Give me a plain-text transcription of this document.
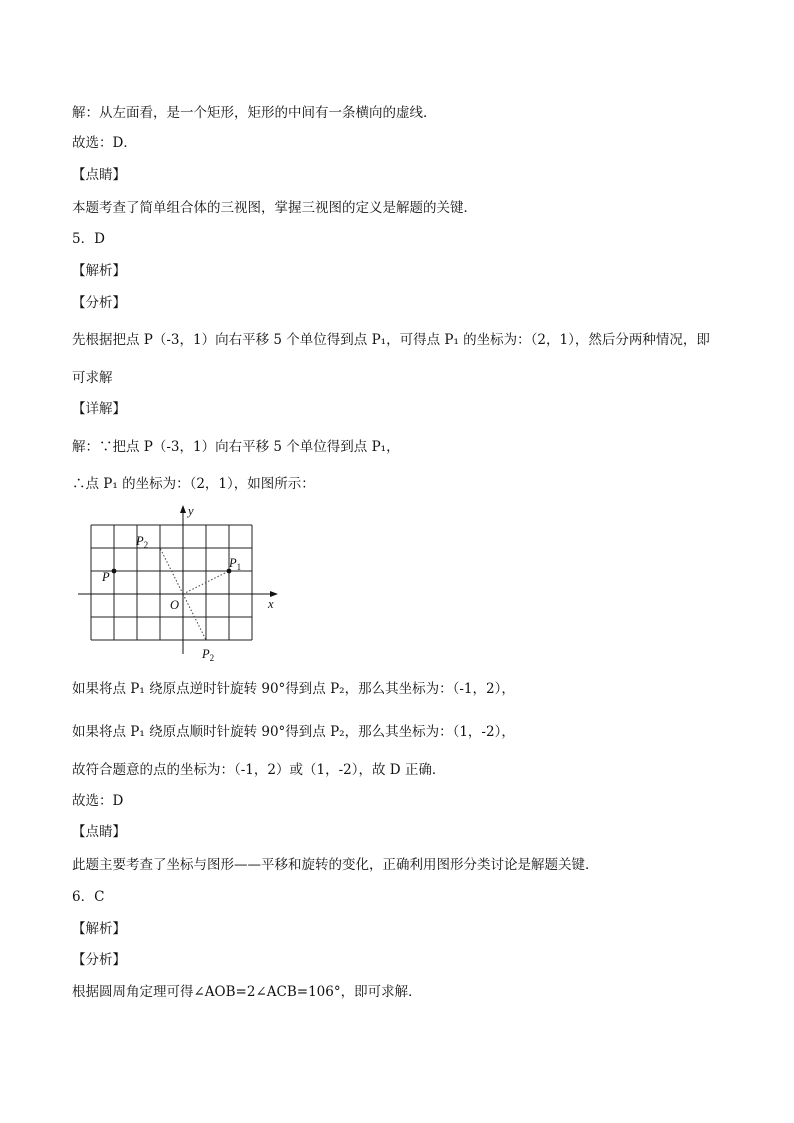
解：从左面看，是一个矩形，矩形的中间有一条横向的虚线．
故选：D．
【点睛】
本题考查了简单组合体的三视图，掌握三视图的定义是解题的关键．
5．D
【解析】
【分析】
先根据把点 P（-3，1）向右平移 5 个单位得到点 P₁，可得点 P₁ 的坐标为：（2，1），然后分两种情况，即
可求解
【详解】
解：∵把点 P（-3，1）向右平移 5 个单位得到点 P₁，
∴点 P₁ 的坐标为：（2，1），如图所示：
x
y
O
P
$P_1$
$P_2$
$P_2$
如果将点 P₁ 绕原点逆时针旋转 90°得到点 P₂，那么其坐标为：（-1，2），
如果将点 P₁ 绕原点顺时针旋转 90°得到点 P₂，那么其坐标为：（1，-2），
故符合题意的点的坐标为：（-1，2）或（1，-2），故 D 正确．
故选：D
【点睛】
此题主要考查了坐标与图形——平移和旋转的变化，正确利用图形分类讨论是解题关键．
6．C
【解析】
【分析】
根据圆周角定理可得∠AOB=2∠ACB=106°，即可求解．
